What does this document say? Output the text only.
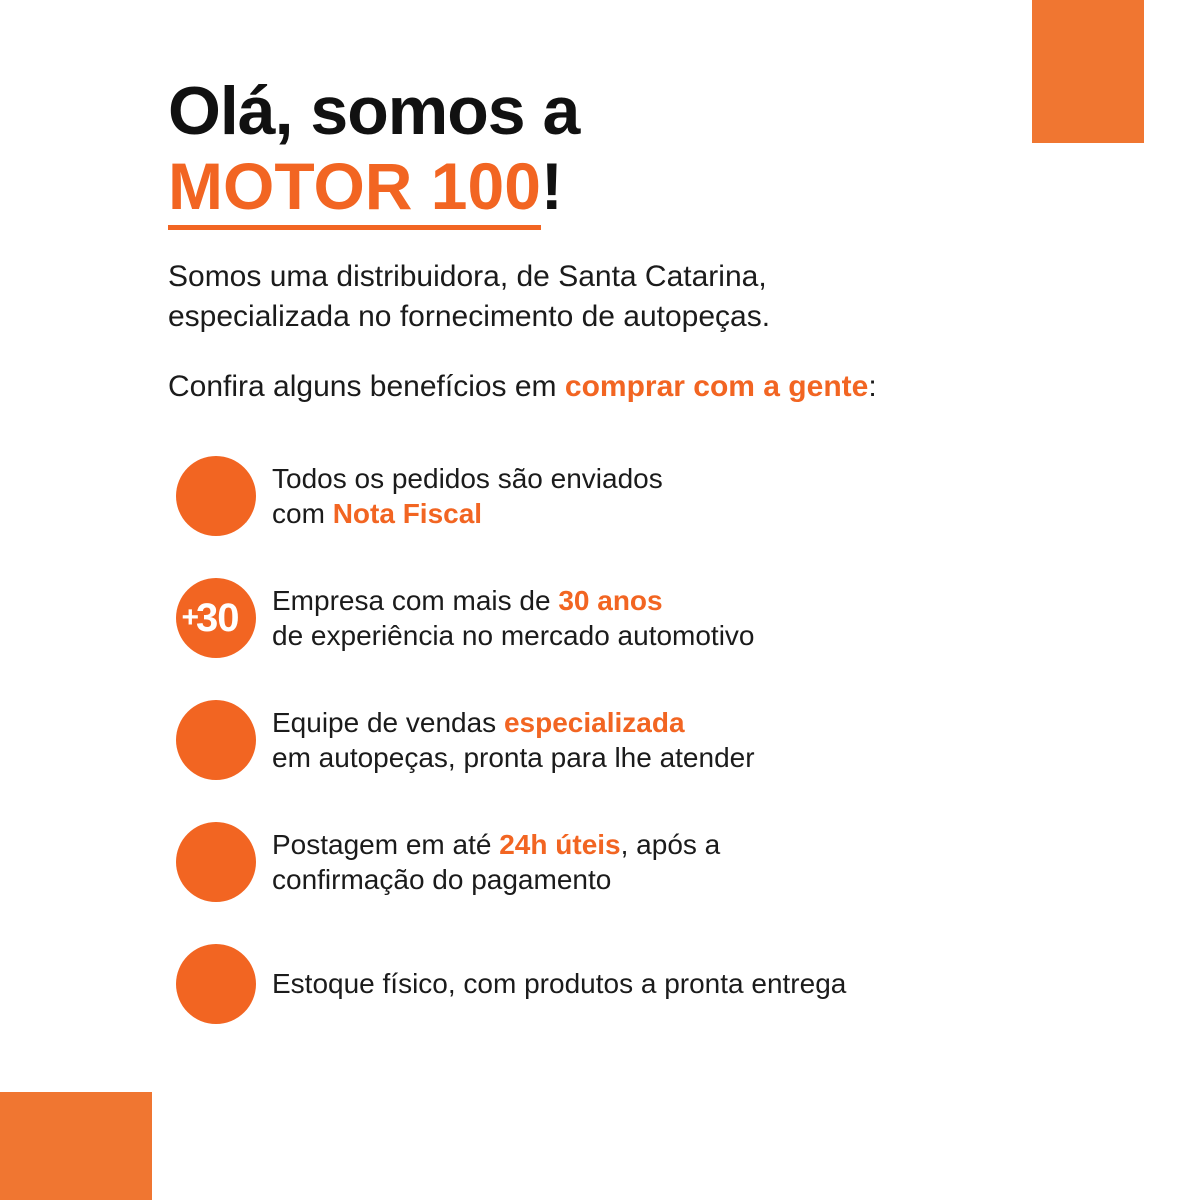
Olá, somos a
MOTOR 100!
Somos uma distribuidora, de Santa Catarina,
especializada no fornecimento de autopeças.
Confira alguns benefícios em comprar com a gente:
Todos os pedidos são enviados
com Nota Fiscal
+
30 Empresa com mais de 30 anos
de experiência no mercado automotivo
Equipe de vendas especializada
em autopeças, pronta para lhe atender
Postagem em até 24h úteis, após a
confirmação do pagamento
Estoque físico, com produtos a pronta entrega
